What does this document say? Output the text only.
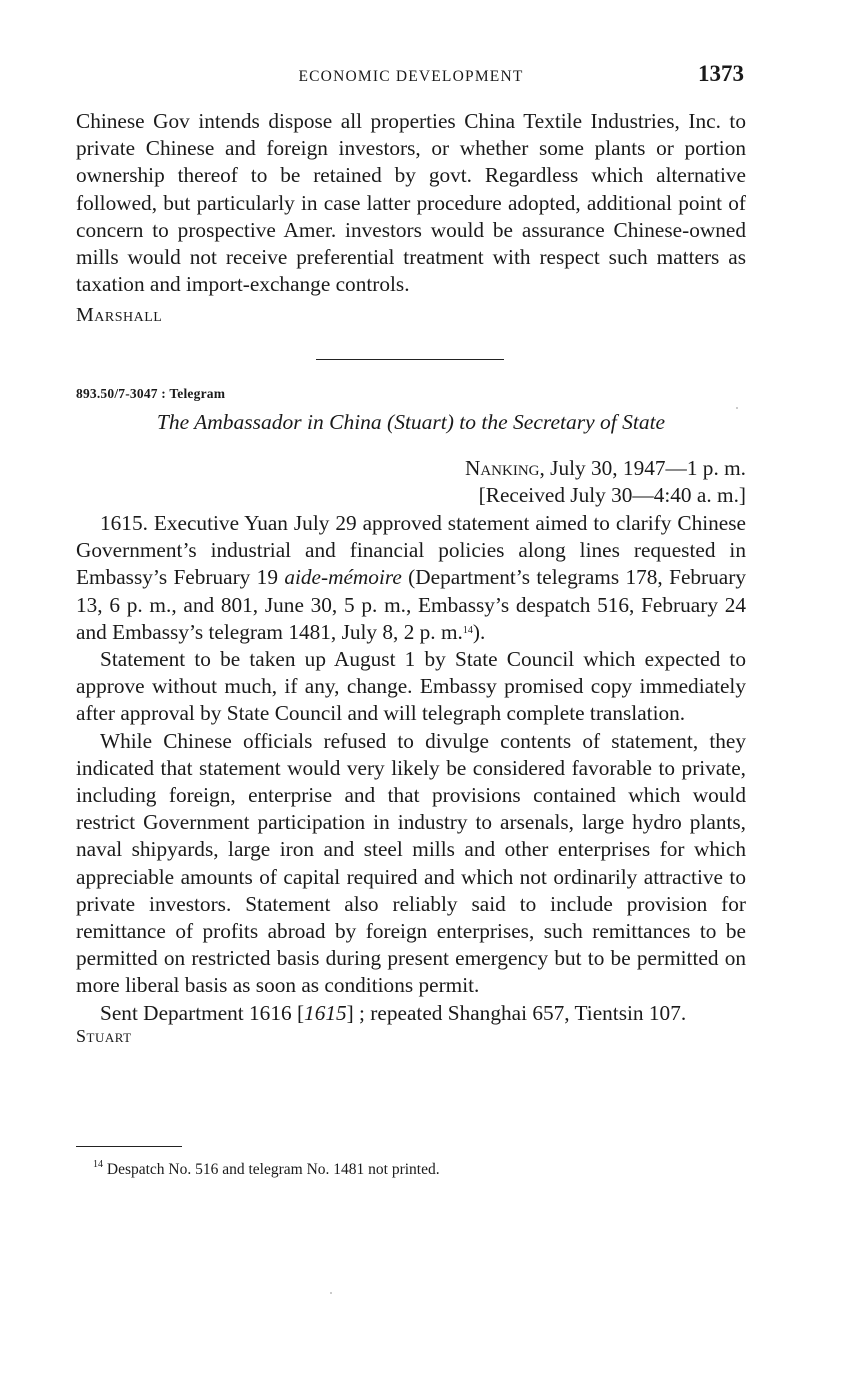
ECONOMIC DEVELOPMENT	1373

Chinese Gov intends dispose all properties China Textile Industries, Inc. to private Chinese and foreign investors, or whether some plants or portion ownership thereof to be retained by govt. Regardless which alternative followed, but particularly in case latter procedure adopted, additional point of concern to prospective Amer. investors would be assurance Chinese-owned mills would not receive preferential treatment with respect such matters as taxation and import-exchange controls.

Marshall

893.50/7-3047 : Telegram
The Ambassador in China (Stuart) to the Secretary of State
Nanking, July 30, 1947—1 p. m.
[Received July 30—4:40 a. m.]

1615. Executive Yuan July 29 approved statement aimed to clarify Chinese Government’s industrial and financial policies along lines requested in Embassy’s February 19 aide-mémoire (Department’s telegrams 178, February 13, 6 p. m., and 801, June 30, 5 p. m., Embassy’s despatch 516, February 24 and Embassy’s telegram 1481, July 8, 2 p. m.$^{14}$).

Statement to be taken up August 1 by State Council which expected to approve without much, if any, change. Embassy promised copy immediately after approval by State Council and will telegraph complete translation.

While Chinese officials refused to divulge contents of statement, they indicated that statement would very likely be considered favorable to private, including foreign, enterprise and that provisions contained which would restrict Government participation in industry to arsenals, large hydro plants, naval shipyards, large iron and steel mills and other enterprises for which appreciable amounts of capital required and which not ordinarily attractive to private investors. Statement also reliably said to include provision for remittance of profits abroad by foreign enterprises, such remittances to be permitted on restricted basis during present emergency but to be permitted on more liberal basis as soon as conditions permit.

Sent Department 1616 [1615] ; repeated Shanghai 657, Tientsin 107.

Stuart

$^{14}$ Despatch No. 516 and telegram No. 1481 not printed.
